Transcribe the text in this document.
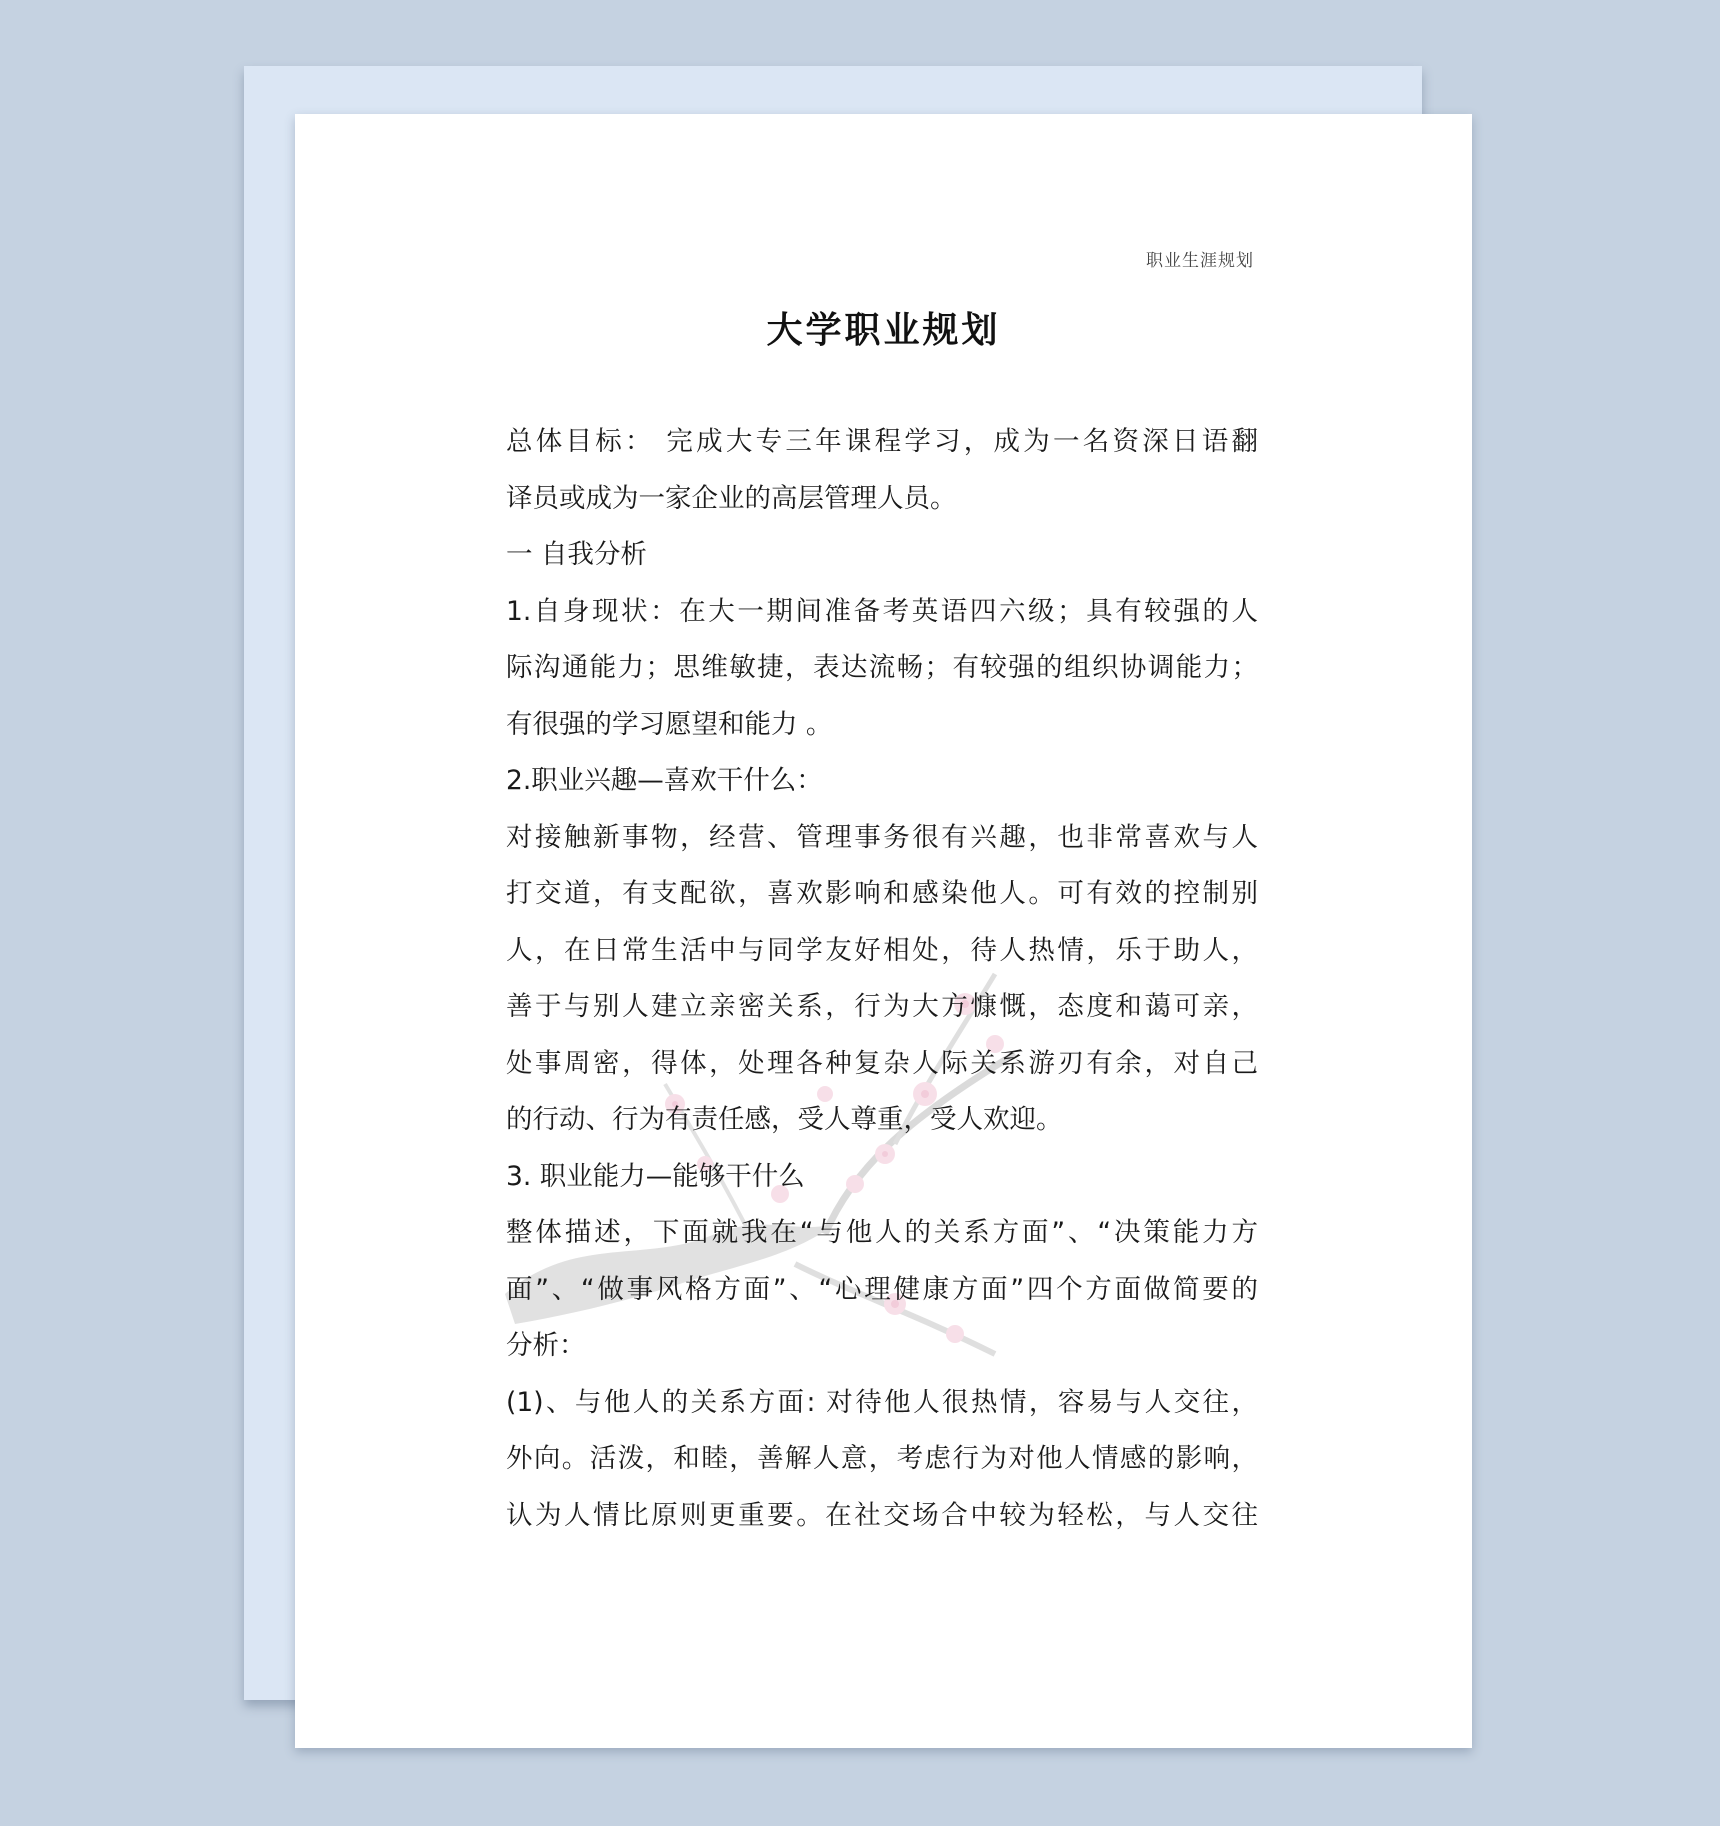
职业生涯规划
大学职业规划
总体目标： 完成大专三年课程学习，成为一名资深日语翻
译员或成为一家企业的高层管理人员。
一 自我分析
1.自身现状：在大一期间准备考英语四六级；具有较强的人
际沟通能力；思维敏捷，表达流畅；有较强的组织协调能力；
有很强的学习愿望和能力 。
2.职业兴趣—喜欢干什么：
对接触新事物，经营、管理事务很有兴趣，也非常喜欢与人
打交道，有支配欲，喜欢影响和感染他人。可有效的控制别
人，在日常生活中与同学友好相处，待人热情，乐于助人，
善于与别人建立亲密关系，行为大方慷慨，态度和蔼可亲，
处事周密，得体，处理各种复杂人际关系游刃有余，对自己
的行动、行为有责任感，受人尊重，受人欢迎。
3. 职业能力—能够干什么
整体描述，下面就我在“与他人的关系方面”、“决策能力方
面”、“做事风格方面”、“心理健康方面”四个方面做简要的
分析：
(1)、与他人的关系方面: 对待他人很热情，容易与人交往，
外向。活泼，和睦，善解人意，考虑行为对他人情感的影响，
认为人情比原则更重要。在社交场合中较为轻松，与人交往
